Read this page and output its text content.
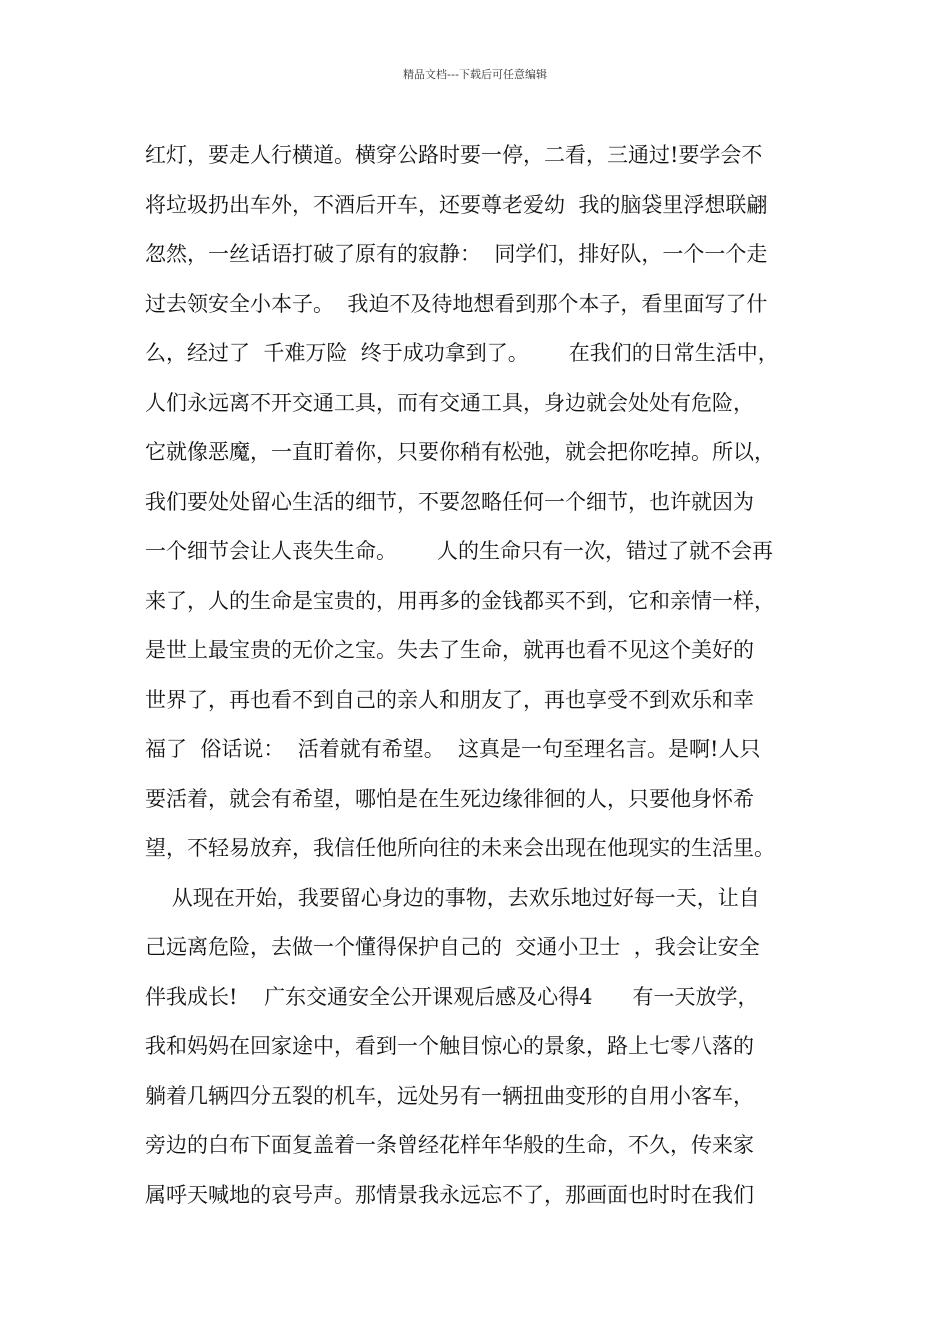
精品文档---下载后可任意编辑
红灯，要走人行横道。横穿公路时要一停，二看，三通过!要学会不
将垃圾扔出车外，不酒后开车，还要尊老爱幼  我的脑袋里浮想联翩
忽然，一丝话语打破了原有的寂静：  同学们，排好队，一个一个走
过去领安全小本子。  我迫不及待地想看到那个本子，看里面写了什
么，经过了  千难万险  终于成功拿到了。      在我们的日常生活中，
人们永远离不开交通工具，而有交通工具，身边就会处处有危险，
它就像恶魔，一直盯着你，只要你稍有松弛，就会把你吃掉。所以，
我们要处处留心生活的细节，不要忽略任何一个细节，也许就因为
一个细节会让人丧失生命。      人的生命只有一次，错过了就不会再
来了，人的生命是宝贵的，用再多的金钱都买不到，它和亲情一样，
是世上最宝贵的无价之宝。失去了生命，就再也看不见这个美好的
世界了，再也看不到自己的亲人和朋友了，再也享受不到欢乐和幸
福了  俗话说：  活着就有希望。  这真是一句至理名言。是啊!人只
要活着，就会有希望，哪怕是在生死边缘徘徊的人，只要他身怀希
望，不轻易放弃，我信任他所向往的未来会出现在他现实的生活里。
从现在开始，我要留心身边的事物，去欢乐地过好每一天，让自
己远离危险，去做一个懂得保护自己的  交通小卫士  ，我会让安全
伴我成长!    广东交通安全公开课观后感及心得4      有一天放学，
我和妈妈在回家途中，看到一个触目惊心的景象，路上七零八落的
躺着几辆四分五裂的机车，远处另有一辆扭曲变形的自用小客车，
旁边的白布下面复盖着一条曾经花样年华般的生命，不久，传来家
属呼天喊地的哀号声。那情景我永远忘不了，那画面也时时在我们
